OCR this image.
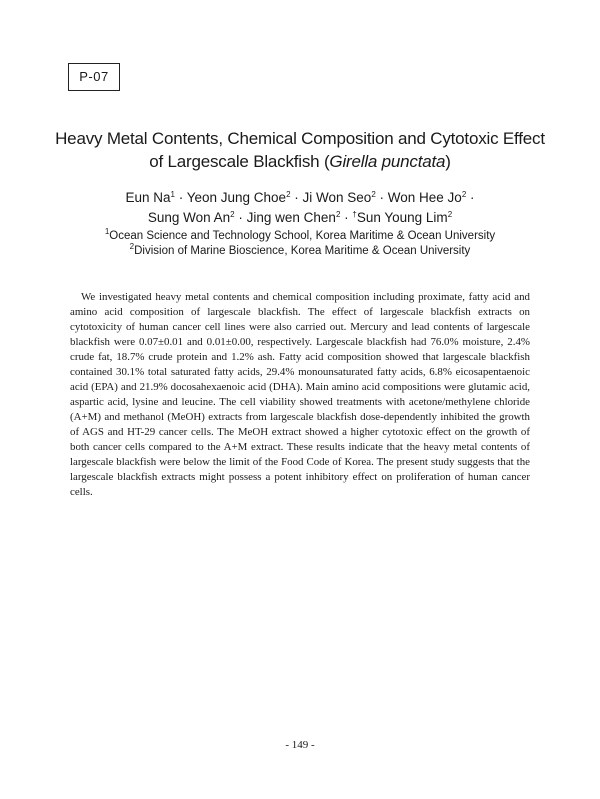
P-07
Heavy Metal Contents, Chemical Composition and Cytotoxic Effect
of Largescale Blackfish (Girella punctata)
Eun $Na^1$ · Yeon Jung Choe$^2$ · Ji Won Seo$^2$ · Won Hee $Jo^2$ ·
Sung Won $An^2$ · Jing wen Chen$^2$ · †Sun Young Lim$^2$
$^1$Ocean Science and Technology School, Korea Maritime & Ocean University
$^2$Division of Marine Bioscience, Korea Maritime & Ocean University

We investigated heavy metal contents and chemical composition including proximate, fatty acid and amino acid composition of largescale blackfish. The effect of largescale blackfish extracts on cytotoxicity of human cancer cell lines were also carried out. Mercury and lead contents of largescale blackfish were 0.07±0.01 and 0.01±0.00, respectively. Largescale blackfish had 76.0% moisture, 2.4% crude fat, 18.7% crude protein and 1.2% ash. Fatty acid composition showed that largescale blackfish contained 30.1% total saturated fatty acids, 29.4% monounsaturated fatty acids, 6.8% eicosapentaenoic acid (EPA) and 21.9% docosahexaenoic acid (DHA). Main amino acid compositions were glutamic acid, aspartic acid, lysine and leucine. The cell viability showed treatments with acetone/methylene chloride (A+M) and methanol (MeOH) extracts from largescale blackfish dose-dependently inhibited the growth of AGS and HT-29 cancer cells. The MeOH extract showed a higher cytotoxic effect on the growth of both cancer cells compared to the A+M extract. These results indicate that the heavy metal contents of largescale blackfish were below the limit of the Food Code of Korea. The present study suggests that the largescale blackfish extracts might possess a potent inhibitory effect on proliferation of human cancer cells.

- 149 -
